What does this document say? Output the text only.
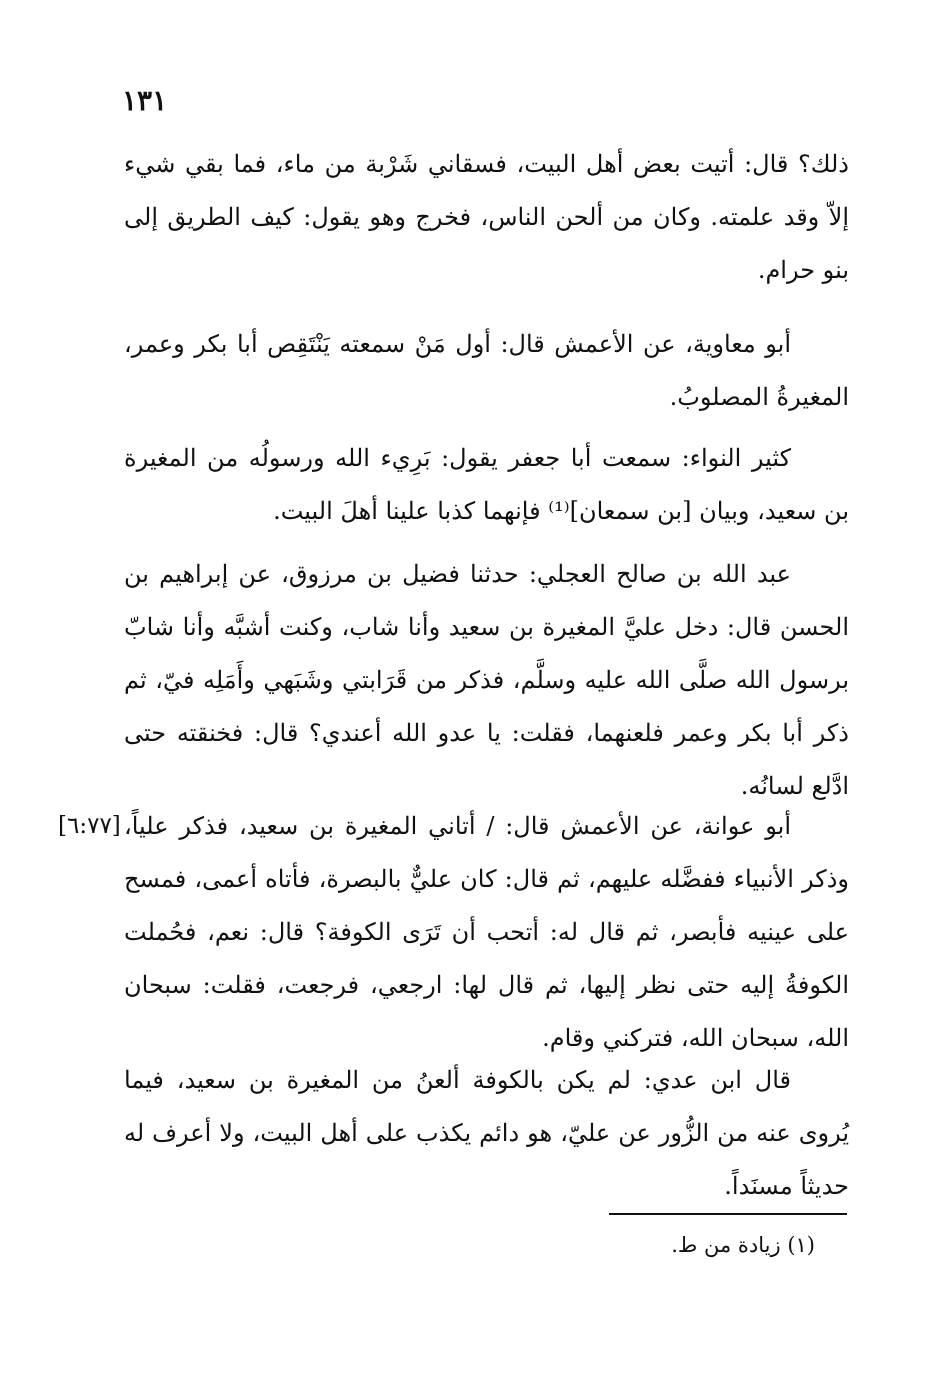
١٣١
ذلك؟ قال: أتيت بعض أهل البيت، فسقاني شَرْبة من ماء، فما بقي شيء إلاّ وقد علمته. وكان من ألحن الناس، فخرج وهو يقول: كيف الطريق إلى بنو حرام.
أبو معاوية، عن الأعمش قال: أول مَنْ سمعته يَنْتَقِص أبا بكر وعمر، المغيرةُ المصلوبُ.
كثير النواء: سمعت أبا جعفر يقول: بَرِيء الله ورسولُه من المغيرة بن سعيد، وبيان [بن سمعان]⁽¹⁾ فإنهما كذبا علينا أهلَ البيت.
عبد الله بن صالح العجلي: حدثنا فضيل بن مرزوق، عن إبراهيم بن الحسن قال: دخل عليَّ المغيرة بن سعيد وأنا شاب، وكنت أشبَّه وأنا شابّ برسول الله صلَّى الله عليه وسلَّم، فذكر من قَرَابتي وشَبَهي وأَمَلِه فيّ، ثم ذكر أبا بكر وعمر فلعنهما، فقلت: يا عدو الله أعندي؟ قال: فخنقته حتى ادَّلع لسانُه.
[٦:٧٧] أبو عوانة، عن الأعمش قال: / أتاني المغيرة بن سعيد، فذكر علياً، وذكر الأنبياء ففضَّله عليهم، ثم قال: كان عليٌّ بالبصرة، فأتاه أعمى، فمسح على عينيه فأبصر، ثم قال له: أتحب أن تَرَى الكوفة؟ قال: نعم، فحُملت الكوفةُ إليه حتى نظر إليها، ثم قال لها: ارجعي، فرجعت، فقلت: سبحان الله، سبحان الله، فتركني وقام.
قال ابن عدي: لم يكن بالكوفة ألعنُ من المغيرة بن سعيد، فيما يُروى عنه من الزُّور عن عليّ، هو دائم يكذب على أهل البيت، ولا أعرف له حديثاً مسنَداً.
(١) زيادة من ط.
